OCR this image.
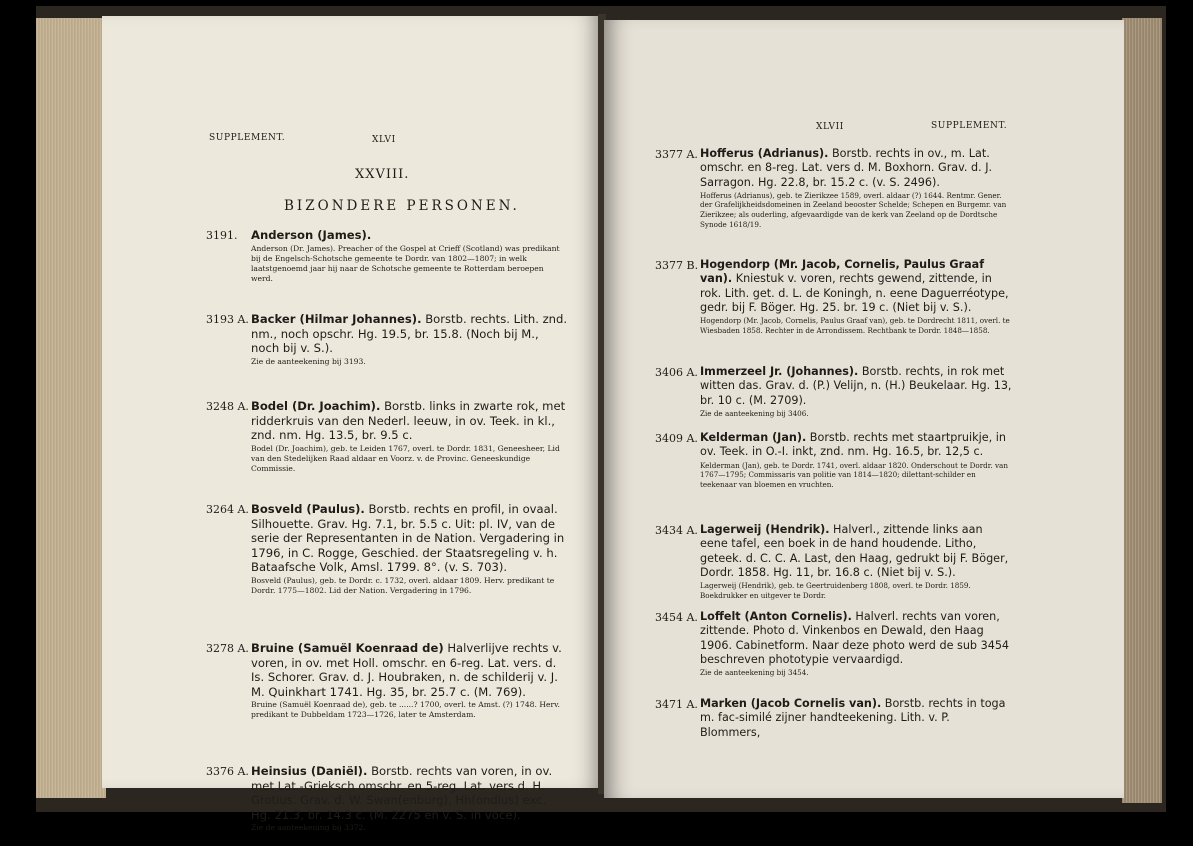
SUPPLEMENT.	XLVI
XXVIII.
BIZONDERE PERSONEN.
3191. Anderson (James).
Anderson (Dr. James). Preacher of the Gospel at Crieff (Scotland) was predikant bij de Engelsch-Schotsche gemeente te Dordr. van 1802—1807; in welk laatstgenoemd jaar hij naar de Schotsche gemeente te Rotterdam beroepen werd.
3193 A. Backer (Hilmar Johannes). Borstb. rechts. Lith. znd. nm., noch opschr. Hg. 19.5, br. 15.8. (Noch bij M., noch bij v. S.).
Zie de aanteekening bij 3193.
3248 A. Bodel (Dr. Joachim). Borstb. links in zwarte rok, met ridderkruis van den Nederl. leeuw, in ov. Teek. in kl., znd. nm. Hg. 13.5, br. 9.5 c.
Bodel (Dr. Joachim), geb. te Leiden 1767, overl. te Dordr. 1831, Geneesheer, Lid van den Stedelijken Raad aldaar en Voorz. v. de Provinc. Geneeskundige Commissie.
3264 A. Bosveld (Paulus). Borstb. rechts en profil, in ovaal. Silhouette. Grav. Hg. 7.1, br. 5.5 c. Uit: pl. IV, van de serie der Representanten in de Nation. Vergadering in 1796, in C. Rogge, Geschied. der Staatsregeling v. h. Bataafsche Volk, Amsl. 1799. 8°. (v. S. 703).
Bosveld (Paulus), geb. te Dordr. c. 1732, overl. aldaar 1809. Herv. predikant te Dordr. 1775—1802. Lid der Nation. Vergadering in 1796.
3278 A. Bruine (Samuël Koenraad de) Halverlijve rechts v. voren, in ov. met Holl. omschr. en 6-reg. Lat. vers. d. Is. Schorer. Grav. d. J. Houbraken, n. de schilderij v. J. M. Quinkhart 1741. Hg. 35, br. 25.7 c. (M. 769).
Bruine (Samuël Koenraad de), geb. te ......? 1700, overl. te Amst. (?) 1748. Herv. predikant te Dubbeldam 1723—1726, later te Amsterdam.
3376 A. Heinsius (Daniël). Borstb. rechts van voren, in ov. met Lat.-Grieksch omschr. en 5-reg. Lat. vers d. H. Grotius. Grav. d. W. Swan(enburg), Hh(ondius) exc. Hg. 21.3, br. 14.3 c. (M. 2275 en v. S. in voce).
Zie de aanteekening bij 3372.
XLVII	SUPPLEMENT.
3377 A. Hofferus (Adrianus). Borstb. rechts in ov., m. Lat. omschr. en 8-reg. Lat. vers d. M. Boxhorn. Grav. d. J. Sarragon. Hg. 22.8, br. 15.2 c. (v. S. 2496).
Hofferus (Adrianus), geb. te Zierikzee 1589, overl. aldaar (?) 1644. Rentmr. Gener. der Grafelijkheidsdomeinen in Zeeland beooster Schelde; Schepen en Burgemr. van Zierikzee; als ouderling, afgevaardigde van de kerk van Zeeland op de Dordtsche Synode 1618/19.
3377 B. Hogendorp (Mr. Jacob, Cornelis, Paulus Graaf van). Kniestuk v. voren, rechts gewend, zittende, in rok. Lith. get. d. L. de Koningh, n. eene Daguerréotype, gedr. bij F. Böger. Hg. 25. br. 19 c. (Niet bij v. S.).
Hogendorp (Mr. Jacob, Cornelis, Paulus Graaf van), geb. te Dordrecht 1811, overl. te Wiesbaden 1858. Rechter in de Arrondissem. Rechtbank te Dordr. 1848—1858.
3406 A. Immerzeel Jr. (Johannes). Borstb. rechts, in rok met witten das. Grav. d. (P.) Velijn, n. (H.) Beukelaar. Hg. 13, br. 10 c. (M. 2709).
Zie de aanteekening bij 3406.
3409 A. Kelderman (Jan). Borstb. rechts met staartpruikje, in ov. Teek. in O.-I. inkt, znd. nm. Hg. 16.5, br. 12,5 c.
Kelderman (Jan), geb. te Dordr. 1741, overl. aldaar 1820. Onderschout te Dordr. van 1767—1795; Commissaris van politie van 1814—1820; dilettant-schilder en teekenaar van bloemen en vruchten.
3434 A. Lagerweij (Hendrik). Halverl., zittende links aan eene tafel, een boek in de hand houdende. Litho, geteek. d. C. C. A. Last, den Haag, gedrukt bij F. Böger, Dordr. 1858. Hg. 11, br. 16.8 c. (Niet bij v. S.).
Lagerweij (Hendrik), geb. te Geertruidenberg 1808, overl. te Dordr. 1859. Boekdrukker en uitgever te Dordr.
3454 A. Loffelt (Anton Cornelis). Halverl. rechts van voren, zittende. Photo d. Vinkenbos en Dewald, den Haag 1906. Cabinetform. Naar deze photo werd de sub 3454 beschreven phototypie vervaardigd.
Zie de aanteekening bij 3454.
3471 A. Marken (Jacob Cornelis van). Borstb. rechts in toga m. fac-similé zijner handteekening. Lith. v. P. Blommers,
